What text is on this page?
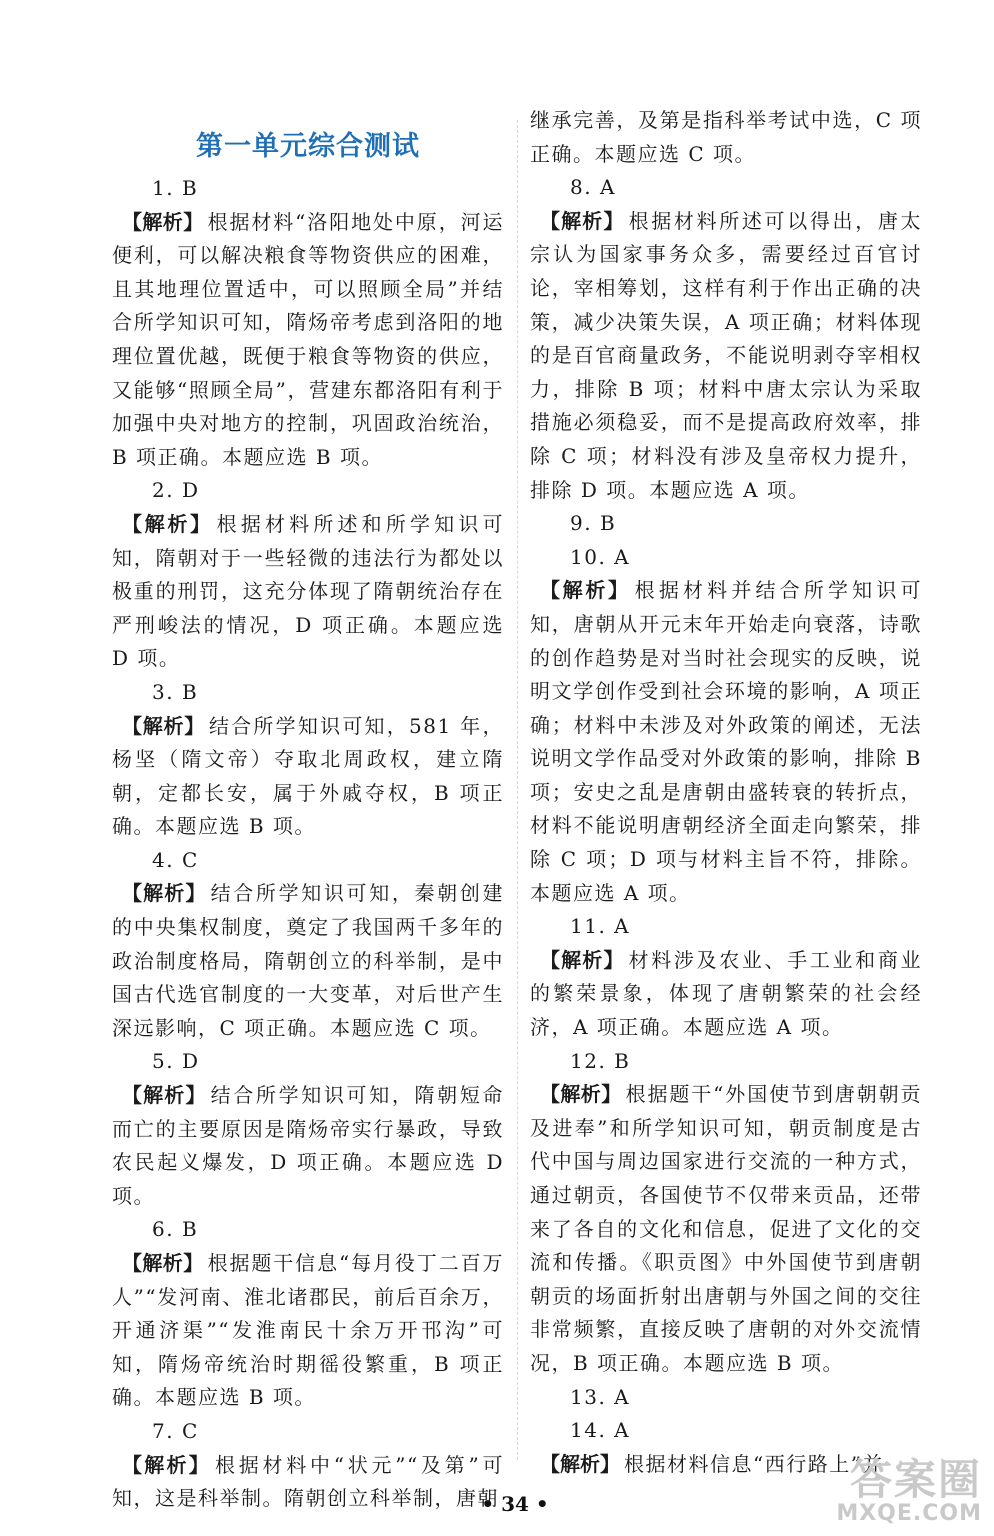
第一单元综合测试

1. B

【解析】 根据材料“洛阳地处中原，河运便利，可以解决粮食等物资供应的困难，且其地理位置适中，可以照顾全局”并结合所学知识可知，隋炀帝考虑到洛阳的地理位置优越，既便于粮食等物资的供应，又能够“照顾全局”，营建东都洛阳有利于加强中央对地方的控制，巩固政治统治，B 项正确。本题应选 B 项。

2. D

【解析】 根据材料所述和所学知识可知，隋朝对于一些轻微的违法行为都处以极重的刑罚，这充分体现了隋朝统治存在严刑峻法的情况，D 项正确。本题应选 D 项。

3. B

【解析】 结合所学知识可知，581 年，杨坚（隋文帝）夺取北周政权，建立隋朝，定都长安，属于外戚夺权，B 项正确。本题应选 B 项。

4. C

【解析】 结合所学知识可知，秦朝创建的中央集权制度，奠定了我国两千多年的政治制度格局，隋朝创立的科举制，是中国古代选官制度的一大变革，对后世产生深远影响，C 项正确。本题应选 C 项。

5. D

【解析】 结合所学知识可知，隋朝短命而亡的主要原因是隋炀帝实行暴政，导致农民起义爆发，D 项正确。本题应选 D 项。

6. B

【解析】 根据题干信息“每月役丁二百万人”“发河南、淮北诸郡民，前后百余万，开通济渠”“发淮南民十余万开邗沟”可知，隋炀帝统治时期徭役繁重，B 项正确。本题应选 B 项。

7. C

【解析】 根据材料中“状元”“及第”可知，这是科举制。隋朝创立科举制，唐朝

继承完善，及第是指科举考试中选，C 项正确。本题应选 C 项。

8. A

【解析】 根据材料所述可以得出，唐太宗认为国家事务众多，需要经过百官讨论，宰相筹划，这样有利于作出正确的决策，减少决策失误，A 项正确；材料体现的是百官商量政务，不能说明剥夺宰相权力，排除 B 项；材料中唐太宗认为采取措施必须稳妥，而不是提高政府效率，排除 C 项；材料没有涉及皇帝权力提升，排除 D 项。本题应选 A 项。

9. B

10. A

【解析】 根据材料并结合所学知识可知，唐朝从开元末年开始走向衰落，诗歌的创作趋势是对当时社会现实的反映，说明文学创作受到社会环境的影响，A 项正确；材料中未涉及对外政策的阐述，无法说明文学作品受对外政策的影响，排除 B 项；安史之乱是唐朝由盛转衰的转折点，材料不能说明唐朝经济全面走向繁荣，排除 C 项；D 项与材料主旨不符，排除。本题应选 A 项。

11. A

【解析】 材料涉及农业、手工业和商业的繁荣景象，体现了唐朝繁荣的社会经济，A 项正确。本题应选 A 项。

12. B

【解析】 根据题干“外国使节到唐朝朝贡及进奉”和所学知识可知，朝贡制度是古代中国与周边国家进行交流的一种方式，通过朝贡，各国使节不仅带来贡品，还带来了各自的文化和信息，促进了文化的交流和传播。《职贡图》中外国使节到唐朝朝贡的场面折射出唐朝与外国之间的交往非常频繁，直接反映了唐朝的对外交流情况，B 项正确。本题应选 B 项。

13. A

14. A

【解析】 根据材料信息“西行路上”并

• 34 •	答案圈
MXQE.COM
